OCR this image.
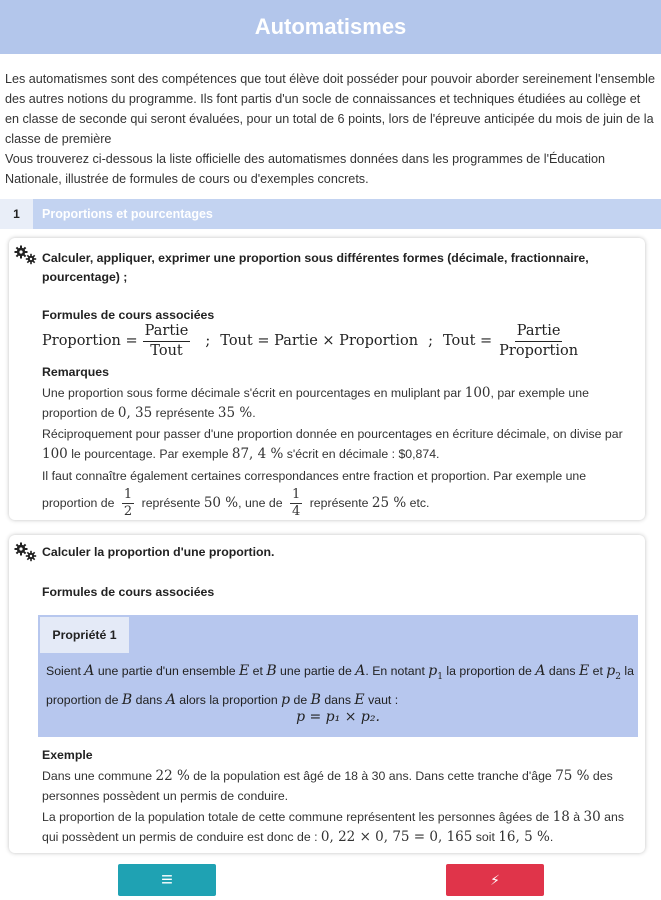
Automatismes

Les automatismes sont des compétences que tout élève doit posséder pour pouvoir aborder sereinement l'ensemble des autres notions du programme. Ils font partis d'un socle de connaissances et techniques étudiées au collège et en classe de seconde qui seront évaluées, pour un total de 6 points, lors de l'épreuve anticipée du mois de juin de la classe de première

Vous trouverez ci-dessous la liste officielle des automatismes données dans les programmes de l'Éducation Nationale, illustrée de formules de cours ou d'exemples concrets.

1	Proportions et pourcentages
Calculer, appliquer, exprimer une proportion sous différentes formes (décimale, fractionnaire, pourcentage) ;
Formules de cours associées
Proportion = $\frac{\text{Partie}}{\text{Tout}}$ ; Tout = Partie × Proportion ; Tout = $\frac{\text{Partie}}{\text{Proportion}}$

Remarques

Une proportion sous forme décimale s'écrit en pourcentages en muliplant par 100, par exemple une proportion de 0, 35 représente 35 %.

Réciproquement pour passer d'une proportion donnée en pourcentages en écriture décimale, on divise par 100 le pourcentage. Par exemple 87, 4 % s'écrit en décimale : $0,874.

Il faut connaître également certaines correspondances entre fraction et proportion. Par exemple une proportion de $\frac{1}{2}$ représente 50 %, une de $\frac{1}{4}$ représente 25 % etc.

Calculer la proportion d'une proportion.
Formules de cours associées
Propriété 1
Soient A une partie d'un ensemble E et B une partie de A. En notant $p_1$ la proportion de A dans E et $p_2$ la proportion de B dans A alors la proportion p de B dans E vaut :
p = p₁ × p₂.

Exemple

Dans une commune 22 % de la population est âgé de 18 à 30 ans. Dans cette tranche d'âge 75 % des personnes possèdent un permis de conduire.

La proportion de la population totale de cette commune représentent les personnes âgées de 18 à 30 ans qui possèdent un permis de conduire est donc de : 0, 22 × 0, 75 = 0, 165 soit 16, 5 %.

≡	⚡
